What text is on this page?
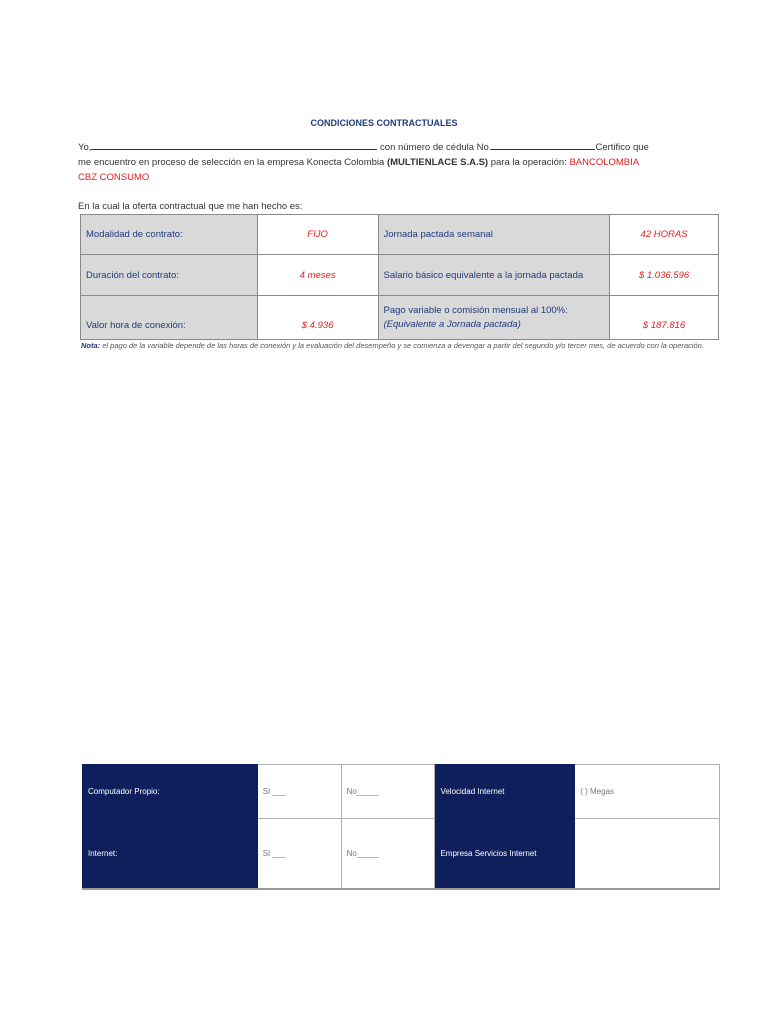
CONDICIONES CONTRACTUALES
Yo,	con número de cédula No.	Certifico que
me encuentro en proceso de selección en la empresa Konecta Colombia (MULTIENLACE S.A.S) para la operación: BANCOLOMBIA
CBZ CONSUMO
En la cual la oferta contractual que me han hecho es:
Modalidad de contrato:	FIJO	Jornada pactada semanal	42 HORAS
Duración del contrato:	4 meses	Salario básico equivalente a la jornada pactada	$ 1.036.596
Valor hora de conexión:	$ 4.936	Pago variable o comisión mensual al 100%:
(Equivalente a Jornada pactada)	$ 187.816
Nota: el pago de la variable depende de las horas de conexión y la evaluación del desempeño y se comienza a devengar a partir del segundo y/o tercer mes, de acuerdo con la operación.
Computador Propio:	SI ___	No_____	Velocidad Internet	( ) Megas
Internet:	SI ___	No_____	Empresa Servicios Internet	
